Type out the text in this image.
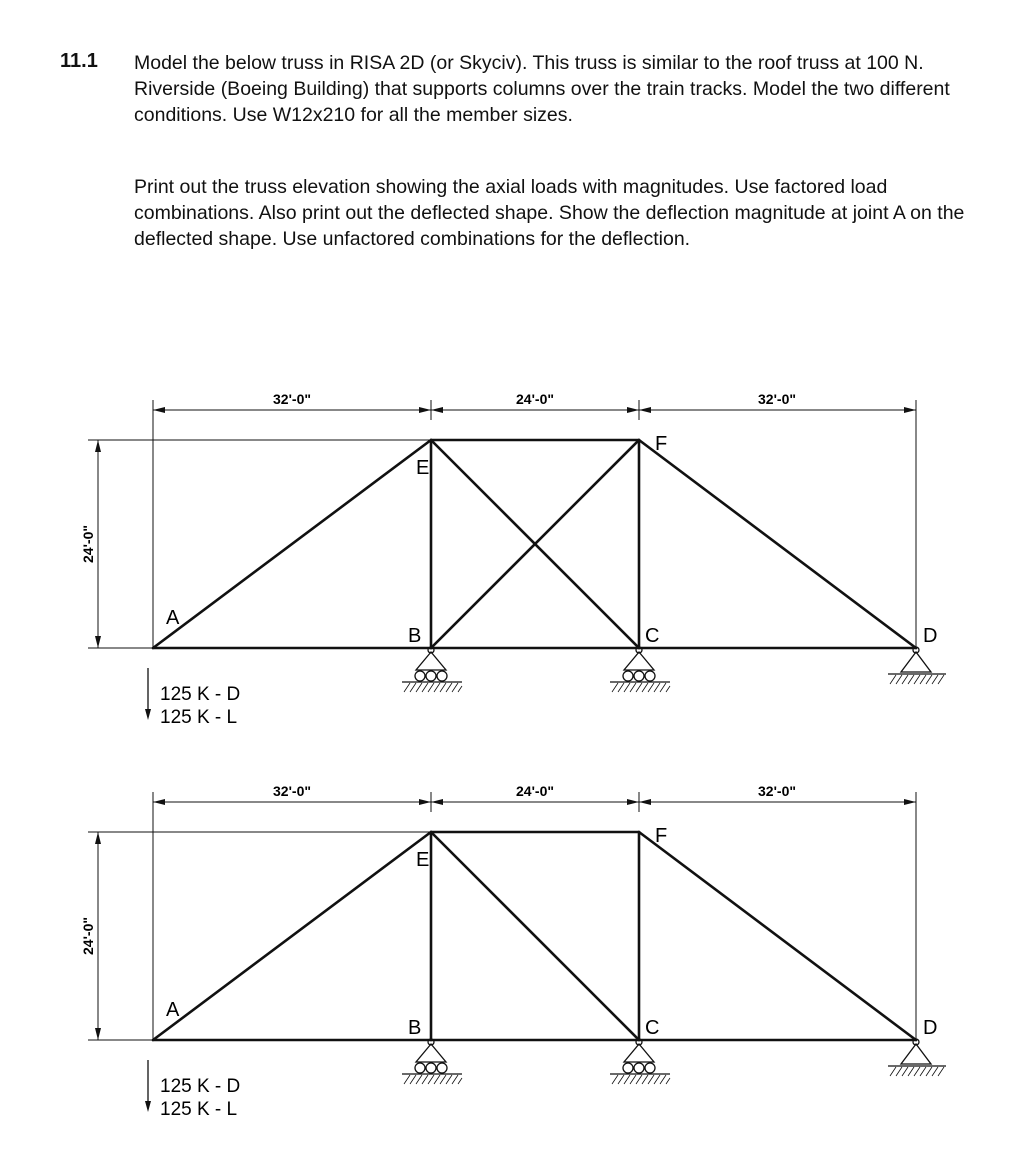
11.1 Model the below truss in RISA 2D (or Skyciv). This truss is similar to the roof truss at 100 N. Riverside (Boeing Building) that supports columns over the train tracks. Model the two different conditions. Use W12x210 for all the member sizes.

Print out the truss elevation showing the axial loads with magnitudes. Use factored load combinations. Also print out the deflected shape. Show the deflection magnitude at joint A on the deflected shape. Use unfactored combinations for the deflection.

32'-0"	24'-0"	32'-0"
24'-0"
A
B	C	D
E
F
125 K - D
125 K - L
32'-0"	24'-0"	32'-0"
24'-0"
A
B	C	D
E
F
125 K - D
125 K - L
